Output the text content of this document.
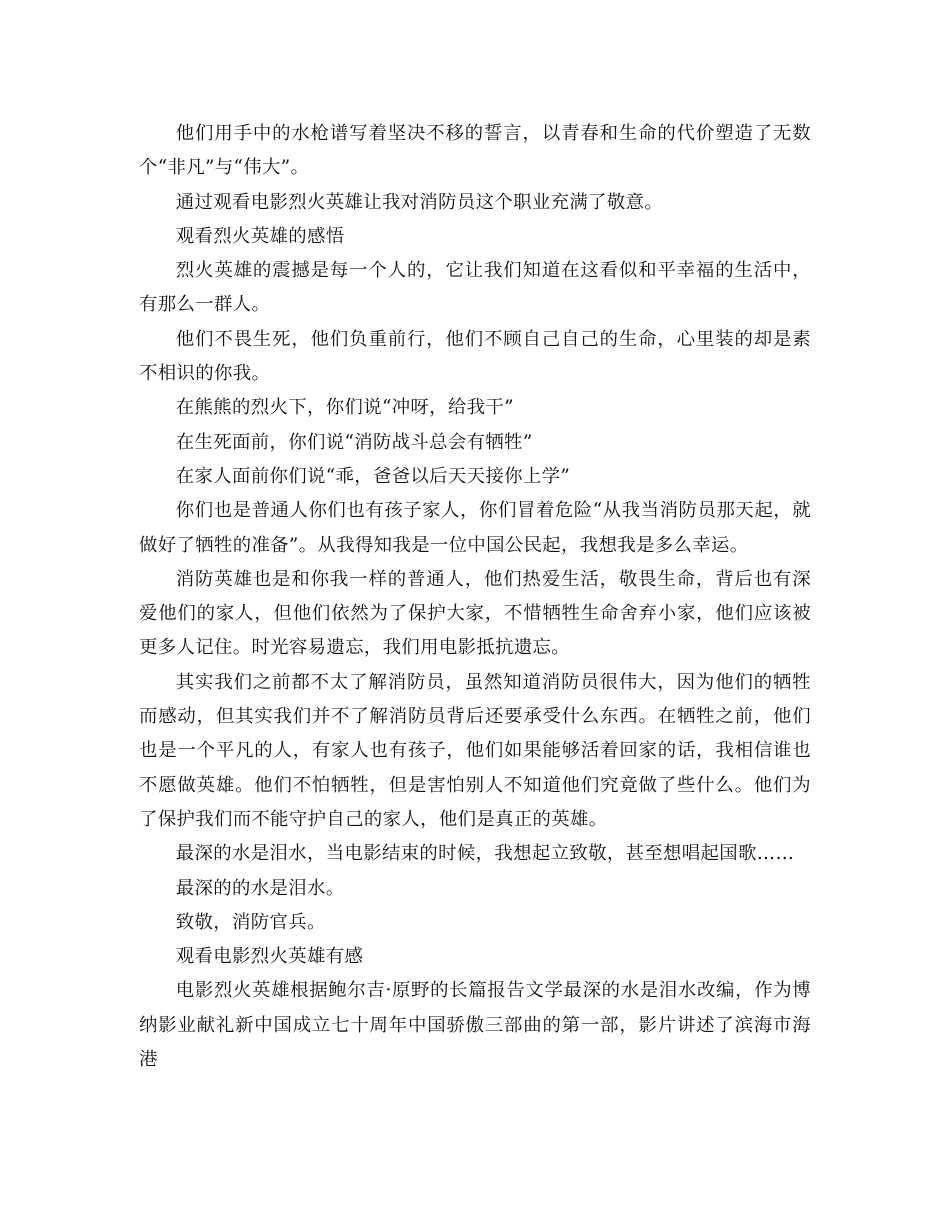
他们用手中的水枪谱写着坚决不移的誓言，以青春和生命的代价塑造了无数个“非凡”与“伟大”。

通过观看电影烈火英雄让我对消防员这个职业充满了敬意。

观看烈火英雄的感悟

烈火英雄的震撼是每一个人的，它让我们知道在这看似和平幸福的生活中，有那么一群人。

他们不畏生死，他们负重前行，他们不顾自己自己的生命，心里装的却是素不相识的你我。

在熊熊的烈火下，你们说“冲呀，给我干”

在生死面前，你们说“消防战斗总会有牺牲”

在家人面前你们说“乖，爸爸以后天天接你上学”

你们也是普通人你们也有孩子家人，你们冒着危险“从我当消防员那天起，就做好了牺牲的准备”。从我得知我是一位中国公民起，我想我是多么幸运。

消防英雄也是和你我一样的普通人，他们热爱生活，敬畏生命，背后也有深爱他们的家人，但他们依然为了保护大家，不惜牺牲生命舍弃小家，他们应该被更多人记住。时光容易遗忘，我们用电影抵抗遗忘。

其实我们之前都不太了解消防员，虽然知道消防员很伟大，因为他们的牺牲而感动，但其实我们并不了解消防员背后还要承受什么东西。在牺牲之前，他们也是一个平凡的人，有家人也有孩子，他们如果能够活着回家的话，我相信谁也不愿做英雄。他们不怕牺牲，但是害怕别人不知道他们究竟做了些什么。他们为了保护我们而不能守护自己的家人，他们是真正的英雄。

最深的水是泪水，当电影结束的时候，我想起立致敬，甚至想唱起国歌……

最深的的水是泪水。

致敬，消防官兵。

观看电影烈火英雄有感

电影烈火英雄根据鲍尔吉·原野的长篇报告文学最深的水是泪水改编，作为博纳影业献礼新中国成立七十周年中国骄傲三部曲的第一部，影片讲述了滨海市海港
